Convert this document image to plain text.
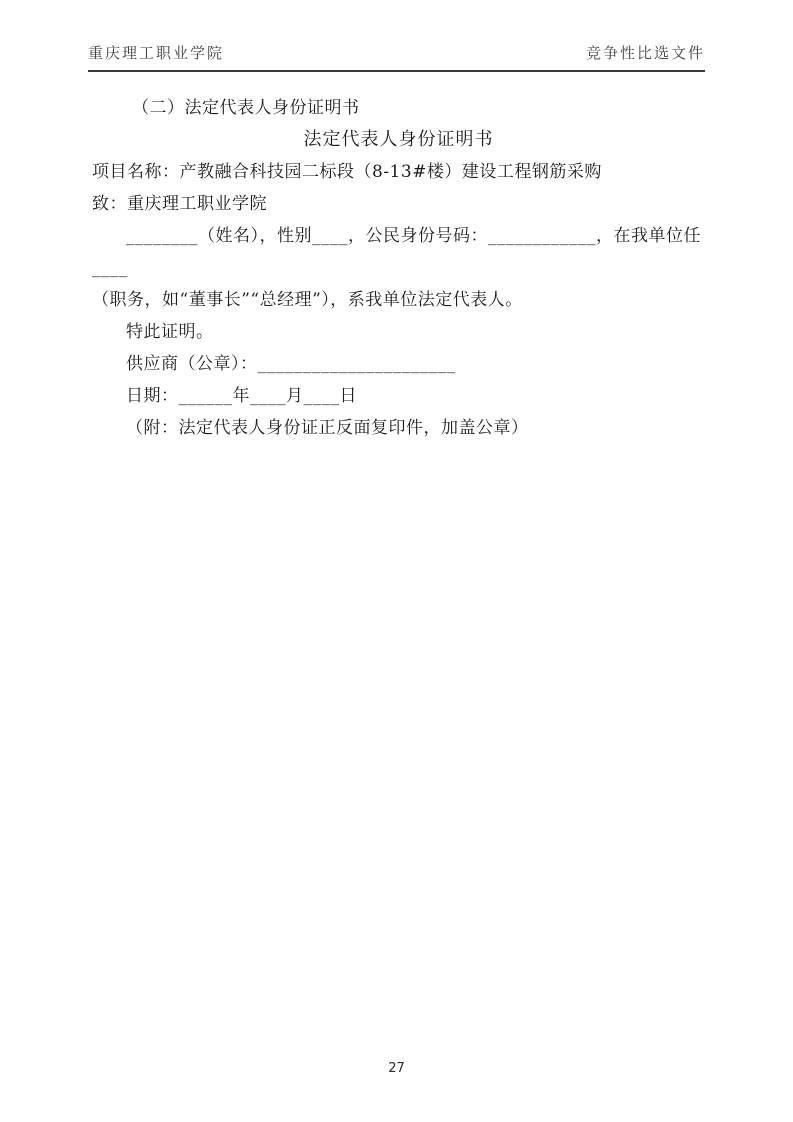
重庆理工职业学院	竞争性比选文件
（二）法定代表人身份证明书
法定代表人身份证明书
项目名称：产教融合科技园二标段（8-13#楼）建设工程钢筋采购
致：重庆理工职业学院
________（姓名），性别____，公民身份号码：____________，在我单位任____
（职务，如“董事长”“总经理”），系我单位法定代表人。
特此证明。
供应商（公章）：______________________
日期：______年____月____日
（附：法定代表人身份证正反面复印件，加盖公章）
27
